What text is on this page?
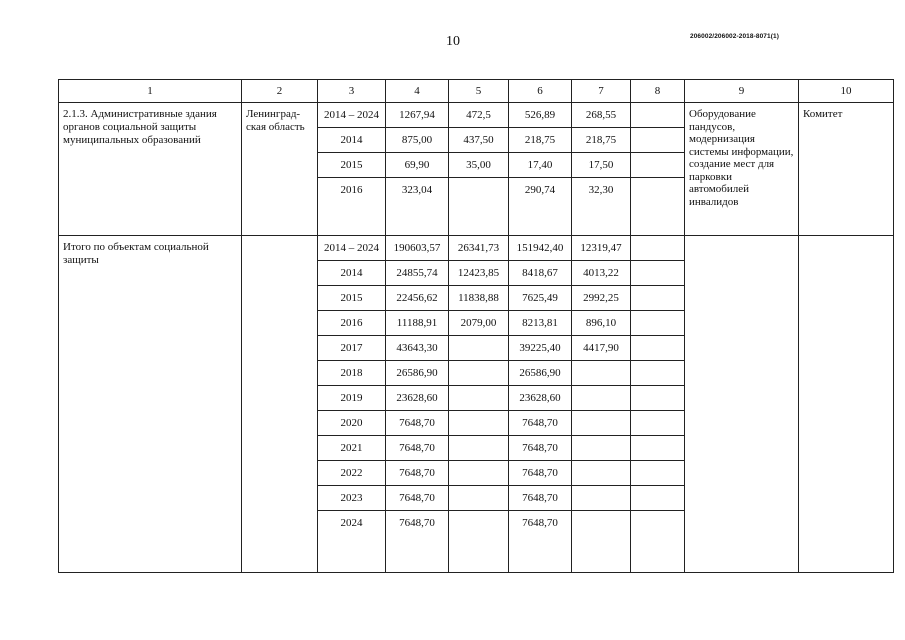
10	206002/206002-2018-8071(1)
1	2	3	4	5	6	7	8	9	10
2.1.3. Административные здания органов социальной защиты муниципальных образований	Ленинград-ская область	2014 – 2024	1267,94	472,5	526,89	268,55		Оборудование пандусов, модернизация системы информации, создание мест для парковки автомобилей инвалидов	Комитет
		2014	875,00	437,50	218,75	218,75			
		2015	69,90	35,00	17,40	17,50			
		2016	323,04		290,74	32,30			
Итого по объектам социальной защиты		2014 – 2024	190603,57	26341,73	151942,40	12319,47			
		2014	24855,74	12423,85	8418,67	4013,22			
		2015	22456,62	11838,88	7625,49	2992,25			
		2016	11188,91	2079,00	8213,81	896,10			
		2017	43643,30		39225,40	4417,90			
		2018	26586,90		26586,90				
		2019	23628,60		23628,60				
		2020	7648,70		7648,70				
		2021	7648,70		7648,70				
		2022	7648,70		7648,70				
		2023	7648,70		7648,70				
		2024	7648,70		7648,70				
